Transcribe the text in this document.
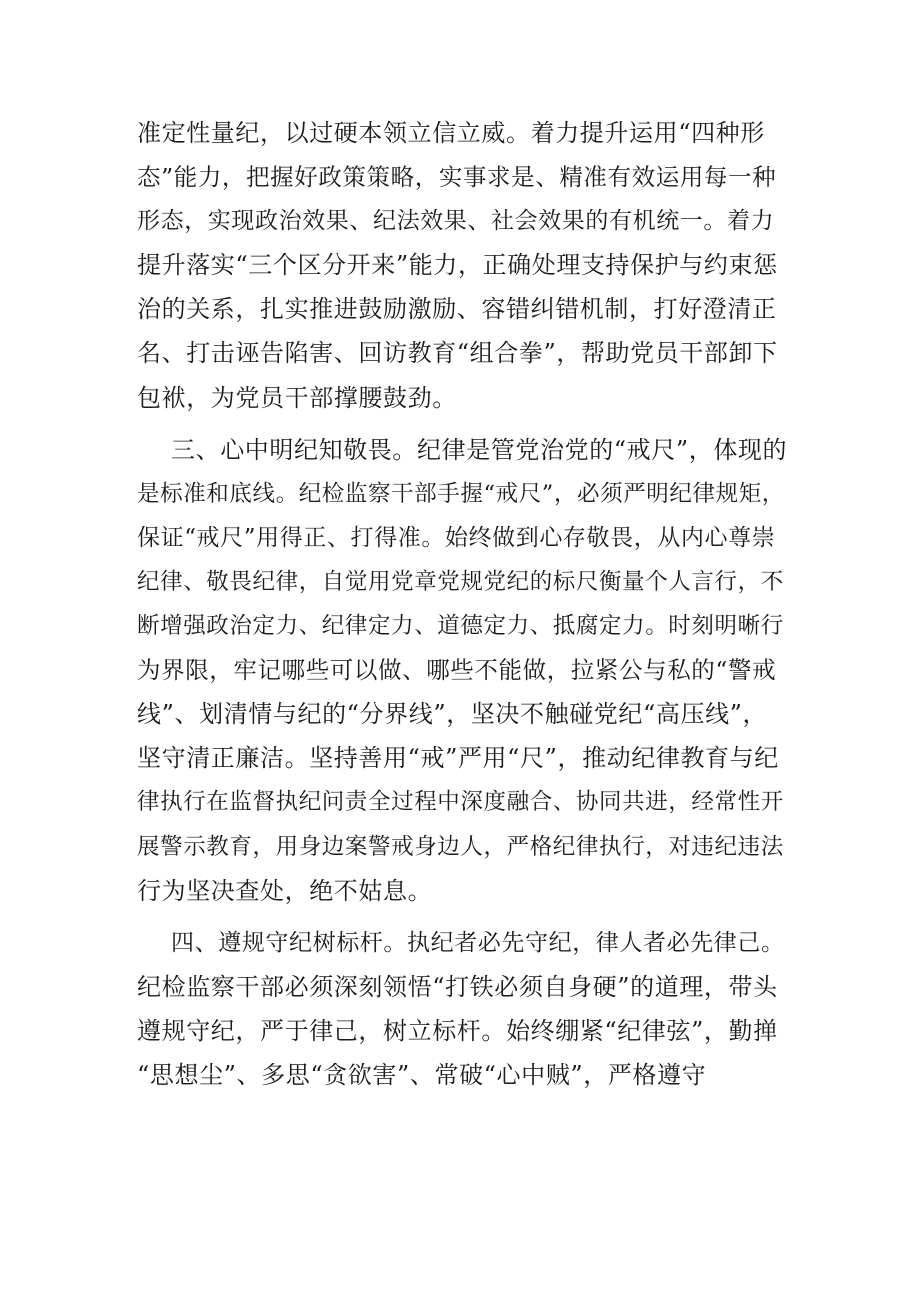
准定性量纪，以过硬本领立信立威。着力提升运用“四种形
态”能力，把握好政策策略，实事求是、精准有效运用每一种
形态，实现政治效果、纪法效果、社会效果的有机统一。着力
提升落实“三个区分开来”能力，正确处理支持保护与约束惩
治的关系，扎实推进鼓励激励、容错纠错机制，打好澄清正
名、打击诬告陷害、回访教育“组合拳”，帮助党员干部卸下
包袱，为党员干部撑腰鼓劲。
三、心中明纪知敬畏。纪律是管党治党的“戒尺”，体现的
是标准和底线。纪检监察干部手握“戒尺”，必须严明纪律规矩，
保证“戒尺”用得正、打得准。始终做到心存敬畏，从内心尊崇
纪律、敬畏纪律，自觉用党章党规党纪的标尺衡量个人言行，不
断增强政治定力、纪律定力、道德定力、抵腐定力。时刻明晰行
为界限，牢记哪些可以做、哪些不能做，拉紧公与私的“警戒
线”、划清情与纪的“分界线”，坚决不触碰党纪“高压线”，
坚守清正廉洁。坚持善用“戒”严用“尺”，推动纪律教育与纪
律执行在监督执纪问责全过程中深度融合、协同共进，经常性开
展警示教育，用身边案警戒身边人，严格纪律执行，对违纪违法
行为坚决查处，绝不姑息。
四、遵规守纪树标杆。执纪者必先守纪，律人者必先律己。
纪检监察干部必须深刻领悟“打铁必须自身硬”的道理，带头
遵规守纪，严于律己，树立标杆。始终绷紧“纪律弦”，勤掸
“思想尘”、多思“贪欲害”、常破“心中贼”，严格遵守
